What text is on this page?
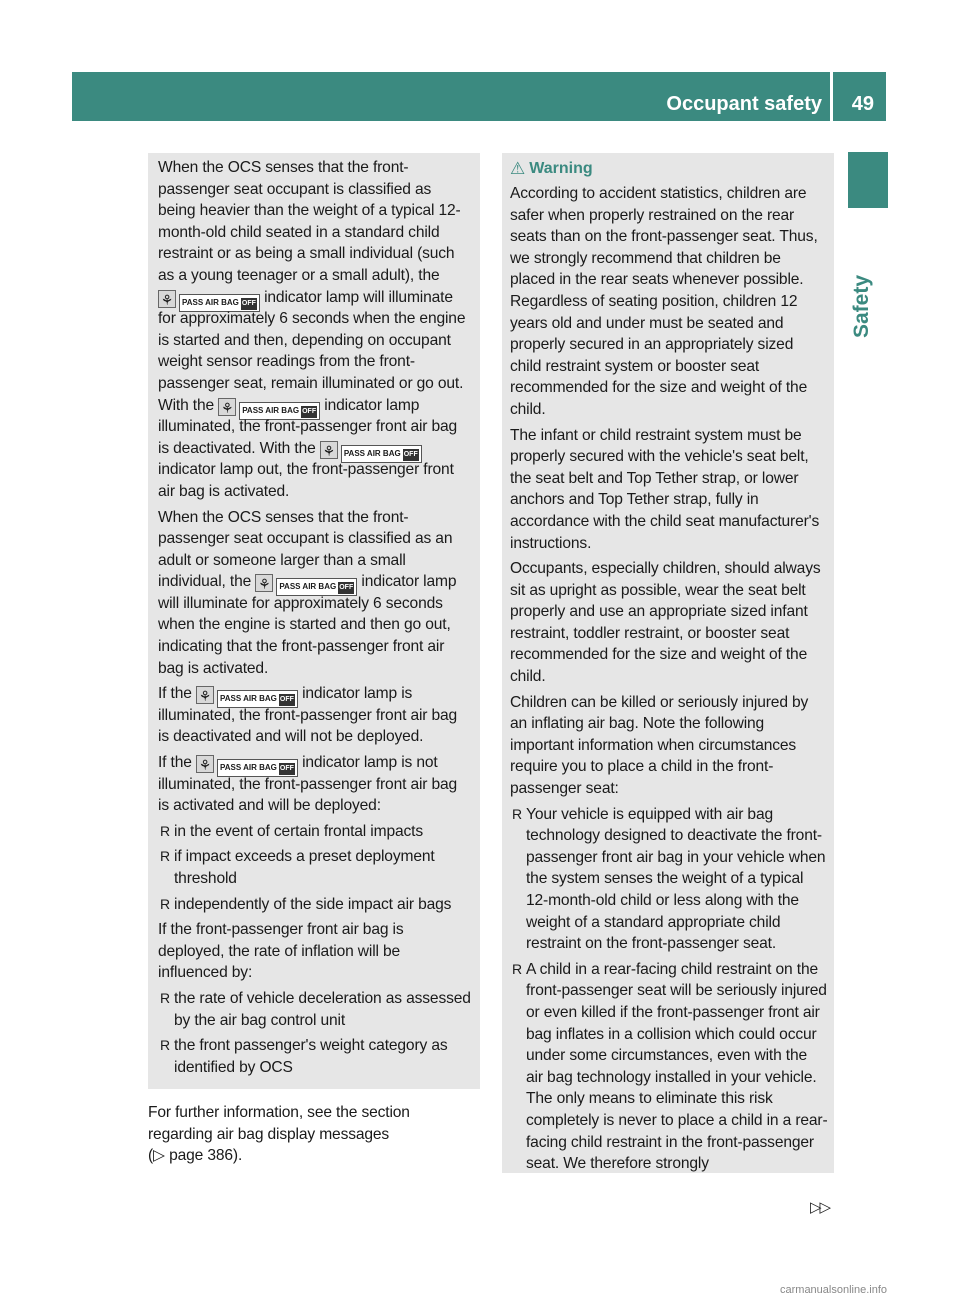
Occupant safety 49
Safety

When the OCS senses that the front-passenger seat occupant is classified as being heavier than the weight of a typical 12-month-old child seated in a standard child restraint or as being a small individual (such as a young teenager or a small adult), the ⚘ PASS AIR BAG OFF indicator lamp will illuminate for approximately 6 seconds when the engine is started and then, depending on occupant weight sensor readings from the front-passenger seat, remain illuminated or go out. With the ⚘ PASS AIR BAG OFF indicator lamp illuminated, the front-passenger front air bag is deactivated. With the ⚘ PASS AIR BAG OFF indicator lamp out, the front-passenger front air bag is activated.

When the OCS senses that the front-passenger seat occupant is classified as an adult or someone larger than a small individual, the ⚘ PASS AIR BAG OFF indicator lamp will illuminate for approximately 6 seconds when the engine is started and then go out, indicating that the front-passenger front air bag is activated.

If the ⚘ PASS AIR BAG OFF indicator lamp is illuminated, the front-passenger front air bag is deactivated and will not be deployed.

If the ⚘ PASS AIR BAG OFF indicator lamp is not illuminated, the front-passenger front air bag is activated and will be deployed:

R in the event of certain frontal impacts
R if impact exceeds a preset deployment threshold
R independently of the side impact air bags

If the front-passenger front air bag is deployed, the rate of inflation will be influenced by:

R the rate of vehicle deceleration as assessed by the air bag control unit
R the front passenger's weight category as identified by OCS

For further information, see the section regarding air bag display messages
(▷ page 386).

⚠ Warning

According to accident statistics, children are safer when properly restrained on the rear seats than on the front-passenger seat. Thus, we strongly recommend that children be placed in the rear seats whenever possible. Regardless of seating position, children 12 years old and under must be seated and properly secured in an appropriately sized child restraint system or booster seat recommended for the size and weight of the child.

The infant or child restraint system must be properly secured with the vehicle's seat belt, the seat belt and Top Tether strap, or lower anchors and Top Tether strap, fully in accordance with the child seat manufacturer's instructions.

Occupants, especially children, should always sit as upright as possible, wear the seat belt properly and use an appropriate sized infant restraint, toddler restraint, or booster seat recommended for the size and weight of the child.

Children can be killed or seriously injured by an inflating air bag. Note the following important information when circumstances require you to place a child in the front-passenger seat:

R Your vehicle is equipped with air bag technology designed to deactivate the front-passenger front air bag in your vehicle when the system senses the weight of a typical 12-month-old child or less along with the weight of a standard appropriate child restraint on the front-passenger seat.
R A child in a rear-facing child restraint on the front-passenger seat will be seriously injured or even killed if the front-passenger front air bag inflates in a collision which could occur under some circumstances, even with the air bag technology installed in your vehicle. The only means to eliminate this risk completely is never to place a child in a rear-facing child restraint in the front-passenger seat. We therefore strongly
▷▷
carmanualsonline.info
